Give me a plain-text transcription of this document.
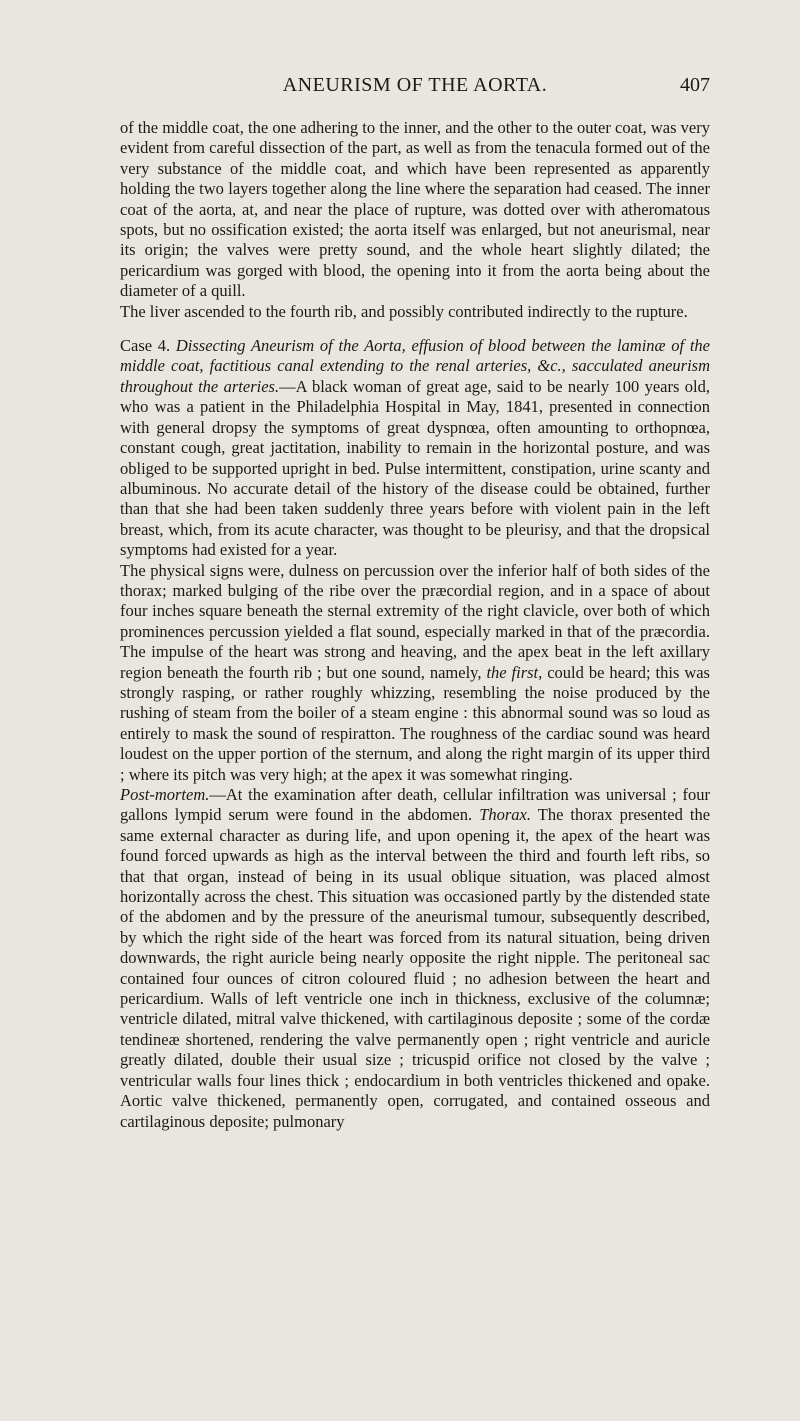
ANEURISM OF THE AORTA.	407

of the middle coat, the one adhering to the inner, and the other to the outer coat, was very evident from careful dissection of the part, as well as from the tenacula formed out of the very substance of the middle coat, and which have been represented as apparently holding the two layers together along the line where the separation had ceased. The inner coat of the aorta, at, and near the place of rupture, was dotted over with atheromatous spots, but no ossification existed; the aorta itself was enlarged, but not aneurismal, near its origin; the valves were pretty sound, and the whole heart slightly dilated; the pericardium was gorged with blood, the opening into it from the aorta being about the diameter of a quill.

The liver ascended to the fourth rib, and possibly contributed indirectly to the rupture.

Case 4. Dissecting Aneurism of the Aorta, effusion of blood between the laminæ of the middle coat, factitious canal extending to the renal arteries, &c., sacculated aneurism throughout the arteries.—A black woman of great age, said to be nearly 100 years old, who was a patient in the Philadelphia Hospital in May, 1841, presented in connection with general dropsy the symptoms of great dyspnœa, often amounting to orthopnœa, constant cough, great jactitation, inability to remain in the horizontal posture, and was obliged to be supported upright in bed. Pulse intermittent, constipation, urine scanty and albuminous. No accurate detail of the history of the disease could be obtained, further than that she had been taken suddenly three years before with violent pain in the left breast, which, from its acute character, was thought to be pleurisy, and that the dropsical symptoms had existed for a year.

The physical signs were, dulness on percussion over the inferior half of both sides of the thorax; marked bulging of the ribe over the præcordial region, and in a space of about four inches square beneath the sternal extremity of the right clavicle, over both of which prominences percussion yielded a flat sound, especially marked in that of the præcordia. The impulse of the heart was strong and heaving, and the apex beat in the left axillary region beneath the fourth rib ; but one sound, namely, the first, could be heard; this was strongly rasping, or rather roughly whizzing, resembling the noise produced by the rushing of steam from the boiler of a steam engine : this abnormal sound was so loud as entirely to mask the sound of respiratton. The roughness of the cardiac sound was heard loudest on the upper portion of the sternum, and along the right margin of its upper third ; where its pitch was very high; at the apex it was somewhat ringing.

Post-mortem.—At the examination after death, cellular infiltration was universal ; four gallons lympid serum were found in the abdomen. Thorax. The thorax presented the same external character as during life, and upon opening it, the apex of the heart was found forced upwards as high as the interval between the third and fourth left ribs, so that that organ, instead of being in its usual oblique situation, was placed almost horizontally across the chest. This situation was occasioned partly by the distended state of the abdomen and by the pressure of the aneurismal tumour, subsequently described, by which the right side of the heart was forced from its natural situation, being driven downwards, the right auricle being nearly opposite the right nipple. The peritoneal sac contained four ounces of citron coloured fluid ; no adhesion between the heart and pericardium. Walls of left ventricle one inch in thickness, exclusive of the columnæ; ventricle dilated, mitral valve thickened, with cartilaginous deposite ; some of the cordæ tendineæ shortened, rendering the valve permanently open ; right ventricle and auricle greatly dilated, double their usual size ; tricuspid orifice not closed by the valve ; ventricular walls four lines thick ; endocardium in both ventricles thickened and opake. Aortic valve thickened, permanently open, corrugated, and contained osseous and cartilaginous deposite; pulmonary
